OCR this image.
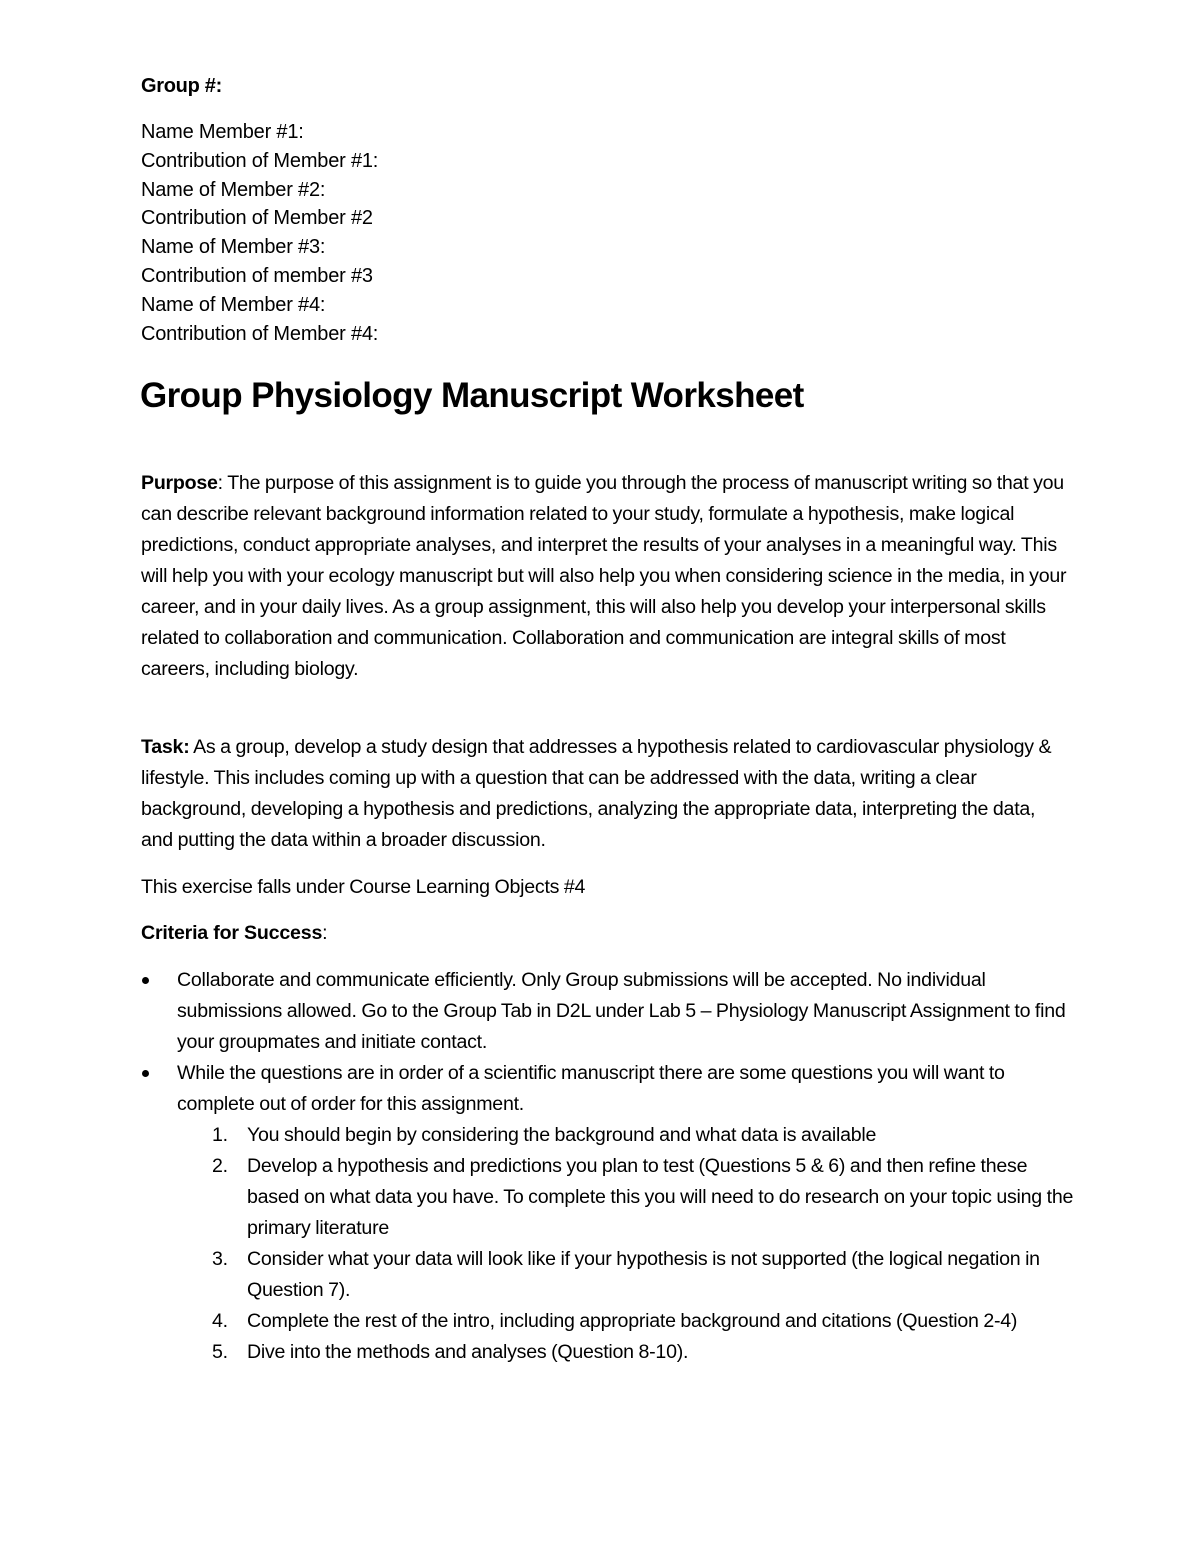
Group #:
Name Member #1:
Contribution of Member #1:
Name of Member #2:
Contribution of Member #2
Name of Member #3:
Contribution of member #3
Name of Member #4:
Contribution of Member #4:
Group Physiology Manuscript Worksheet
Purpose: The purpose of this assignment is to guide you through the process of manuscript writing so that you can describe relevant background information related to your study, formulate a hypothesis, make logical predictions, conduct appropriate analyses, and interpret the results of your analyses in a meaningful way. This will help you with your ecology manuscript but will also help you when considering science in the media, in your career, and in your daily lives. As a group assignment, this will also help you develop your interpersonal skills related to collaboration and communication. Collaboration and communication are integral skills of most careers, including biology.
Task: As a group, develop a study design that addresses a hypothesis related to cardiovascular physiology & lifestyle. This includes coming up with a question that can be addressed with the data, writing a clear background, developing a hypothesis and predictions, analyzing the appropriate data, interpreting the data, and putting the data within a broader discussion.
This exercise falls under Course Learning Objects #4
Criteria for Success:
Collaborate and communicate efficiently. Only Group submissions will be accepted. No individual submissions allowed. Go to the Group Tab in D2L under Lab 5 – Physiology Manuscript Assignment to find your groupmates and initiate contact.
While the questions are in order of a scientific manuscript there are some questions you will want to complete out of order for this assignment.
1. You should begin by considering the background and what data is available
2. Develop a hypothesis and predictions you plan to test (Questions 5 & 6) and then refine these based on what data you have. To complete this you will need to do research on your topic using the primary literature
3. Consider what your data will look like if your hypothesis is not supported (the logical negation in Question 7).
4. Complete the rest of the intro, including appropriate background and citations (Question 2-4)
5. Dive into the methods and analyses (Question 8-10).
